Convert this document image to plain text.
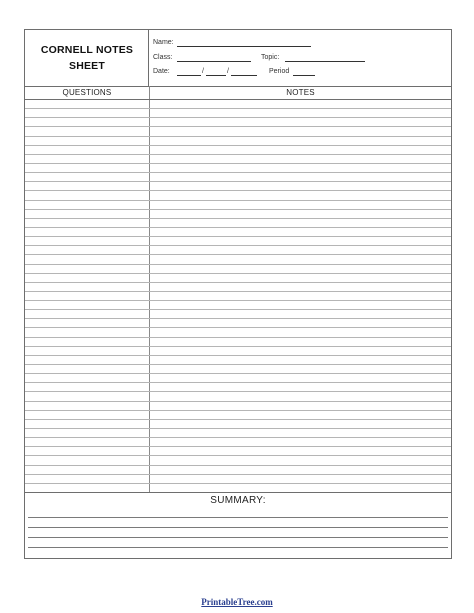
CORNELL NOTES
SHEET
Name:
Class:	Topic:
Date:	/	/	Period
QUESTIONS	NOTES
SUMMARY:
PrintableTree.com
